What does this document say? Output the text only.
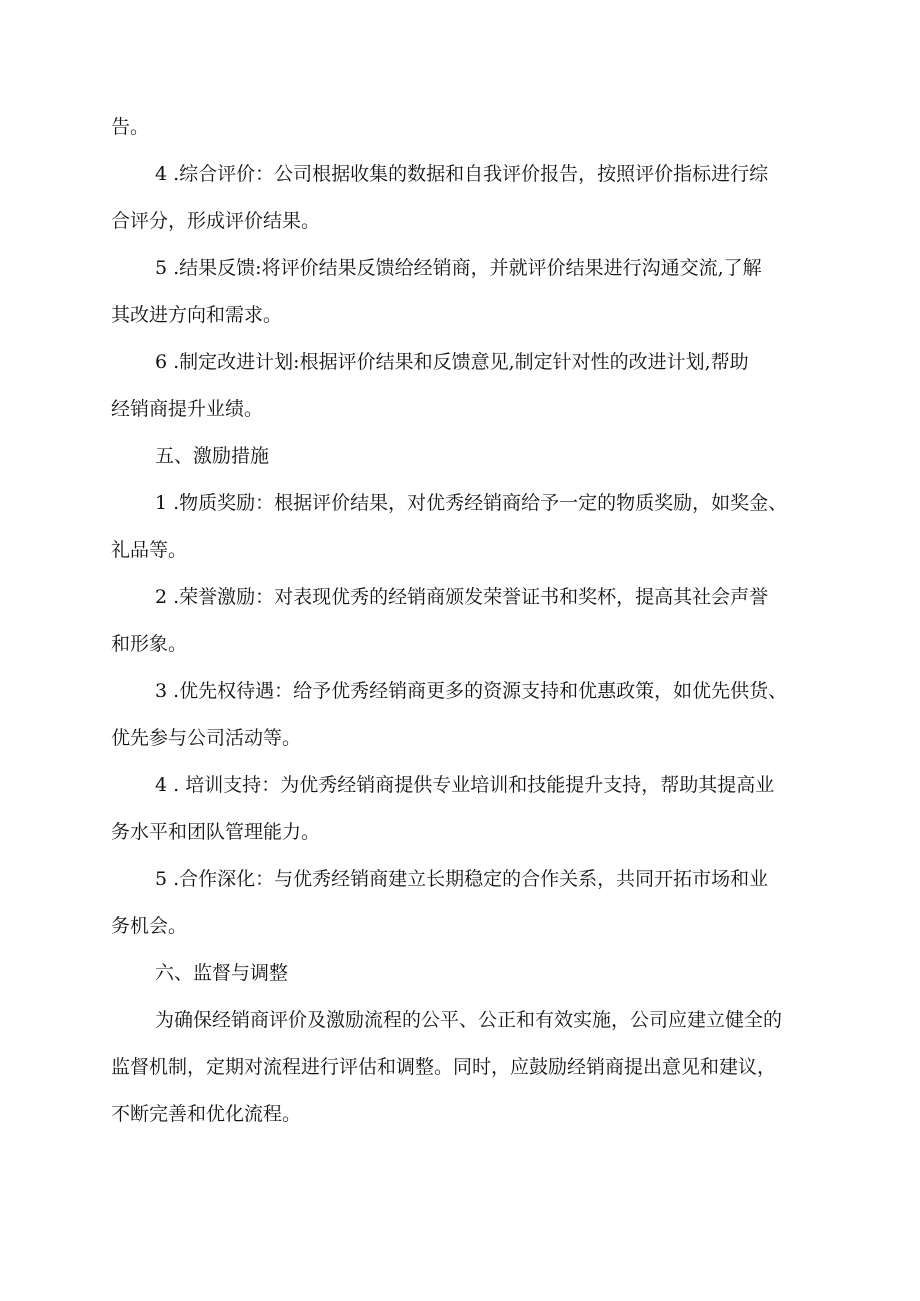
告。
4 .综合评价：公司根据收集的数据和自我评价报告，按照评价指标进行综
合评分，形成评价结果。
5 .结果反馈:将评价结果反馈给经销商，并就评价结果进行沟通交流,了解
其改进方向和需求。
6 .制定改进计划:根据评价结果和反馈意见,制定针对性的改进计划,帮助
经销商提升业绩。
五、激励措施
1 .物质奖励：根据评价结果，对优秀经销商给予一定的物质奖励，如奖金、
礼品等。
2 .荣誉激励：对表现优秀的经销商颁发荣誉证书和奖杯，提高其社会声誉
和形象。
3 .优先权待遇：给予优秀经销商更多的资源支持和优惠政策，如优先供货、
优先参与公司活动等。
4 . 培训支持：为优秀经销商提供专业培训和技能提升支持，帮助其提高业
务水平和团队管理能力。
5 .合作深化：与优秀经销商建立长期稳定的合作关系，共同开拓市场和业
务机会。
六、监督与调整
为确保经销商评价及激励流程的公平、公正和有效实施，公司应建立健全的
监督机制，定期对流程进行评估和调整。同时，应鼓励经销商提出意见和建议，
不断完善和优化流程。
